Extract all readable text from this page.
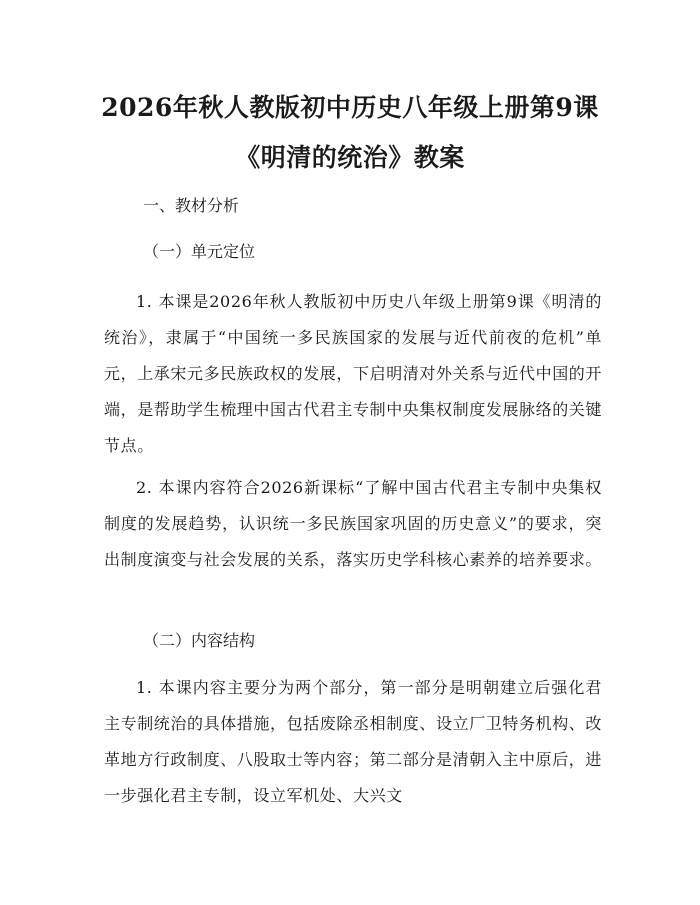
2026年秋人教版初中历史八年级上册第9课
《明清的统治》教案
一、教材分析
（一）单元定位
1. 本课是2026年秋人教版初中历史八年级上册第9课《明清的统治》，隶属于“中国统一多民族国家的发展与近代前夜的危机”单元，上承宋元多民族政权的发展，下启明清对外关系与近代中国的开端，是帮助学生梳理中国古代君主专制中央集权制度发展脉络的关键节点。
2. 本课内容符合2026新课标“了解中国古代君主专制中央集权制度的发展趋势，认识统一多民族国家巩固的历史意义”的要求，突出制度演变与社会发展的关系，落实历史学科核心素养的培养要求。
（二）内容结构
1. 本课内容主要分为两个部分，第一部分是明朝建立后强化君主专制统治的具体措施，包括废除丞相制度、设立厂卫特务机构、改革地方行政制度、八股取士等内容；第二部分是清朝入主中原后，进一步强化君主专制，设立军机处、大兴文
